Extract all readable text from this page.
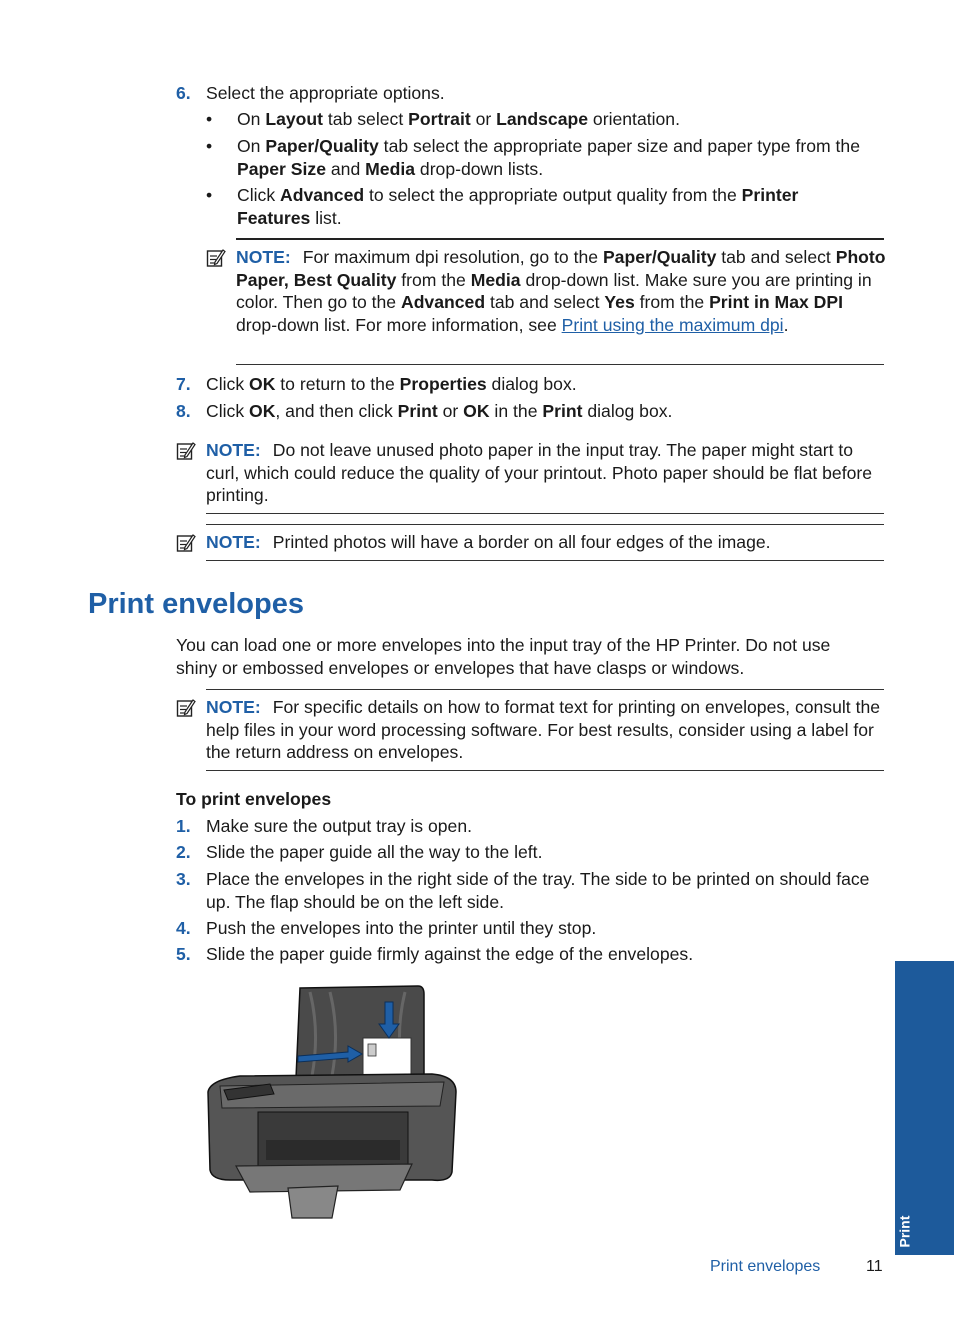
6. Select the appropriate options.
• On Layout tab select Portrait or Landscape orientation.
• On Paper/Quality tab select the appropriate paper size and paper type from the Paper Size and Media drop-down lists.
• Click Advanced to select the appropriate output quality from the Printer Features list.
NOTE: For maximum dpi resolution, go to the Paper/Quality tab and select Photo Paper, Best Quality from the Media drop-down list. Make sure you are printing in color. Then go to the Advanced tab and select Yes from the Print in Max DPI drop-down list. For more information, see Print using the maximum dpi.
7. Click OK to return to the Properties dialog box.
8. Click OK, and then click Print or OK in the Print dialog box.
NOTE: Do not leave unused photo paper in the input tray. The paper might start to curl, which could reduce the quality of your printout. Photo paper should be flat before printing.
NOTE: Printed photos will have a border on all four edges of the image.
Print envelopes
You can load one or more envelopes into the input tray of the HP Printer. Do not use shiny or embossed envelopes or envelopes that have clasps or windows.
NOTE: For specific details on how to format text for printing on envelopes, consult the help files in your word processing software. For best results, consider using a label for the return address on envelopes.
To print envelopes
1. Make sure the output tray is open.
2. Slide the paper guide all the way to the left.
3. Place the envelopes in the right side of the tray. The side to be printed on should face up. The flap should be on the left side.
4. Push the envelopes into the printer until they stop.
5. Slide the paper guide firmly against the edge of the envelopes.
Print
Print envelopes	11
